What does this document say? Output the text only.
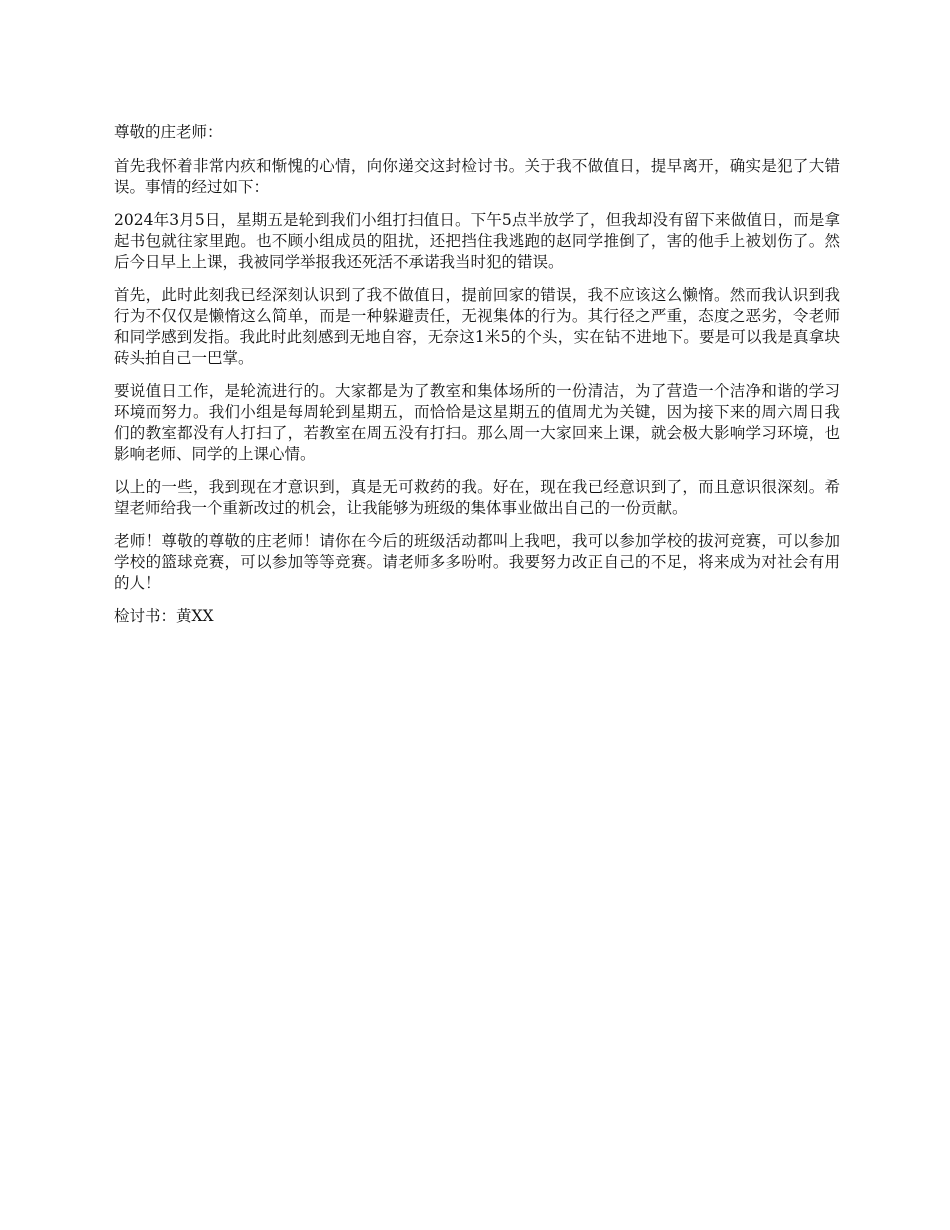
尊敬的庄老师：

首先我怀着非常内疚和惭愧的心情，向你递交这封检讨书。关于我不做值日，提早离开，确实是犯了大错误。事情的经过如下：

2024年3月5日，星期五是轮到我们小组打扫值日。下午5点半放学了，但我却没有留下来做值日，而是拿起书包就往家里跑。也不顾小组成员的阻扰，还把挡住我逃跑的赵同学推倒了，害的他手上被划伤了。然后今日早上上课，我被同学举报我还死活不承诺我当时犯的错误。

首先，此时此刻我已经深刻认识到了我不做值日，提前回家的错误，我不应该这么懒惰。然而我认识到我行为不仅仅是懒惰这么简单，而是一种躲避责任，无视集体的行为。其行径之严重，态度之恶劣，令老师和同学感到发指。我此时此刻感到无地自容，无奈这1米5的个头，实在钻不进地下。要是可以我是真拿块砖头拍自己一巴掌。

要说值日工作，是轮流进行的。大家都是为了教室和集体场所的一份清洁，为了营造一个洁净和谐的学习环境而努力。我们小组是每周轮到星期五，而恰恰是这星期五的值周尤为关键，因为接下来的周六周日我们的教室都没有人打扫了，若教室在周五没有打扫。那么周一大家回来上课，就会极大影响学习环境，也影响老师、同学的上课心情。

以上的一些，我到现在才意识到，真是无可救药的我。好在，现在我已经意识到了，而且意识很深刻。希望老师给我一个重新改过的机会，让我能够为班级的集体事业做出自己的一份贡献。

老师！尊敬的尊敬的庄老师！请你在今后的班级活动都叫上我吧，我可以参加学校的拔河竞赛，可以参加学校的篮球竞赛，可以参加等等竞赛。请老师多多吩咐。我要努力改正自己的不足，将来成为对社会有用的人！

检讨书：黄XX
